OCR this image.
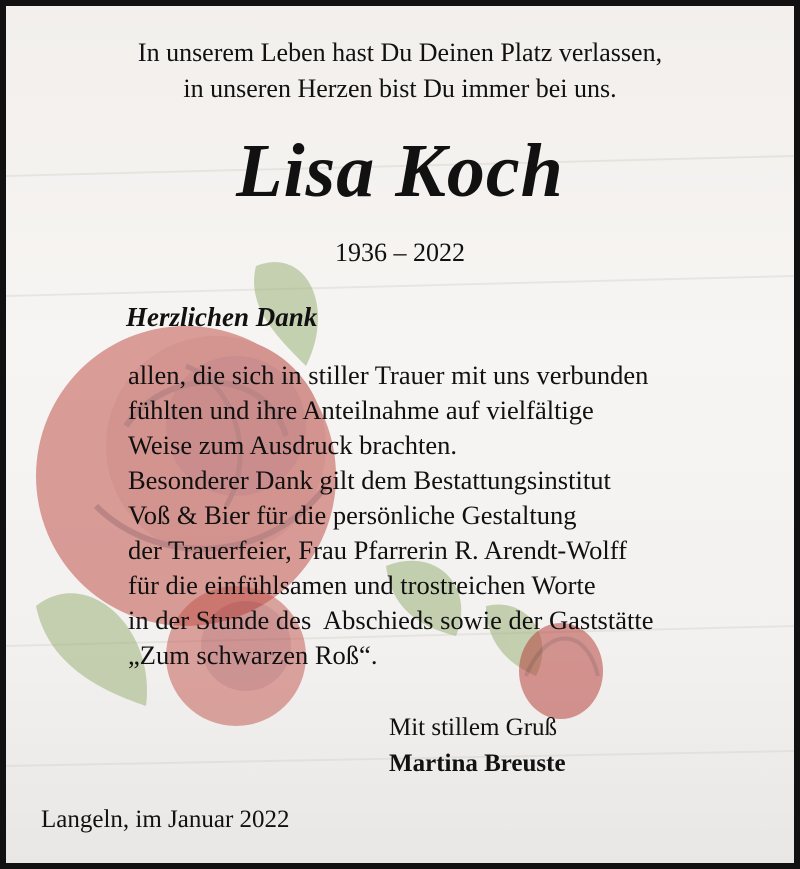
In unserem Leben hast Du Deinen Platz verlassen,
in unseren Herzen bist Du immer bei uns.
Lisa Koch
1936 – 2022
Herzlichen Dank
allen, die sich in stiller Trauer mit uns verbunden
fühlten und ihre Anteilnahme auf vielfältige
Weise zum Ausdruck brachten.
Besonderer Dank gilt dem Bestattungsinstitut
Voß & Bier für die persönliche Gestaltung
der Trauerfeier, Frau Pfarrerin R. Arendt-Wolff
für die einfühlsamen und trostreichen Worte
in der Stunde des  Abschieds sowie der Gaststätte
„Zum schwarzen Roß“.
Mit stillem Gruß
Martina Breuste
Langeln, im Januar 2022
